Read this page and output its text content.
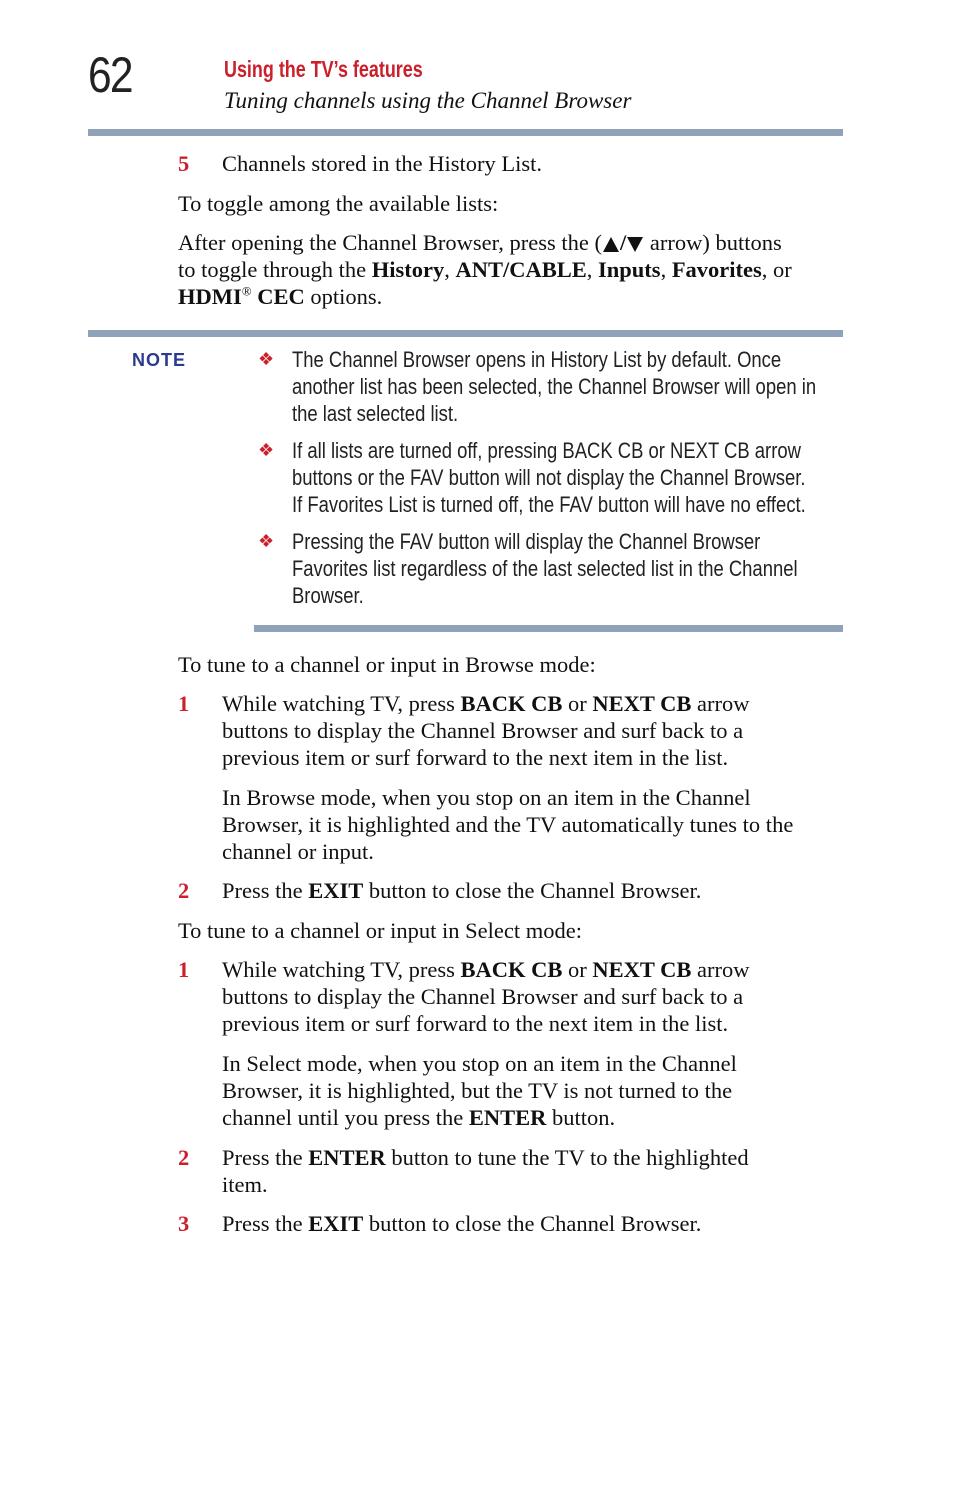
62	Using the TV’s features
Tuning channels using the Channel Browser
5 Channels stored in the History List.
To toggle among the available lists:
After opening the Channel Browser, press the ( / arrow) buttons
to toggle through the History, ANT/CABLE, Inputs, Favorites, or
HDMI® CEC options.
NOTE	❖ The Channel Browser opens in History List by default. Once
another list has been selected, the Channel Browser will open in
the last selected list.
❖ If all lists are turned off, pressing BACK CB or NEXT CB arrow
buttons or the FAV button will not display the Channel Browser.
If Favorites List is turned off, the FAV button will have no effect.
❖ Pressing the FAV button will display the Channel Browser
Favorites list regardless of the last selected list in the Channel
Browser.
To tune to a channel or input in Browse mode:
1 While watching TV, press BACK CB or NEXT CB arrow
buttons to display the Channel Browser and surf back to a
previous item or surf forward to the next item in the list.
In Browse mode, when you stop on an item in the Channel
Browser, it is highlighted and the TV automatically tunes to the
channel or input.
2 Press the EXIT button to close the Channel Browser.
To tune to a channel or input in Select mode:
1 While watching TV, press BACK CB or NEXT CB arrow
buttons to display the Channel Browser and surf back to a
previous item or surf forward to the next item in the list.
In Select mode, when you stop on an item in the Channel
Browser, it is highlighted, but the TV is not turned to the
channel until you press the ENTER button.
2 Press the ENTER button to tune the TV to the highlighted
item.
3 Press the EXIT button to close the Channel Browser.
